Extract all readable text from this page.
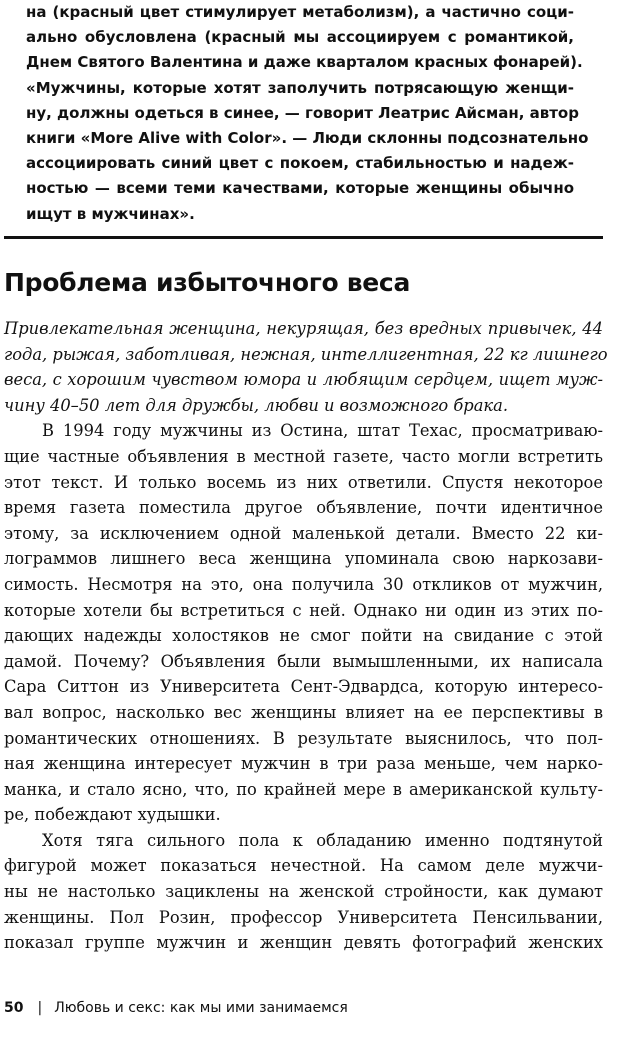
на (красный цвет стимулирует метаболизм), а частично соци-
ально обусловлена (красный мы ассоциируем с романтикой,
Днем Святого Валентина и даже кварталом красных фонарей).
«Мужчины, которые хотят заполучить потрясающую женщи-
ну, должны одеться в синее, — говорит Леатрис Айсман, автор
книги «More Alive with Color». — Люди склонны подсознательно
ассоциировать синий цвет с покоем, стабильностью и надеж-
ностью — всеми теми качествами, которые женщины обычно
ищут в мужчинах».
Проблема избыточного веса
Привлекательная женщина, некурящая, без вредных привычек, 44
года, рыжая, заботливая, нежная, интеллигентная, 22 кг лишнего
веса, с хорошим чувством юмора и любящим сердцем, ищет муж-
чину 40–50 лет для дружбы, любви и возможного брака.
В 1994 году мужчины из Остина, штат Техас, просматриваю-
щие частные объявления в местной газете, часто могли встретить
этот текст. И только восемь из них ответили. Спустя некоторое
время газета поместила другое объявление, почти идентичное
этому, за исключением одной маленькой детали. Вместо 22 ки-
лограммов лишнего веса женщина упоминала свою наркозави-
симость. Несмотря на это, она получила 30 откликов от мужчин,
которые хотели бы встретиться с ней. Однако ни один из этих по-
дающих надежды холостяков не смог пойти на свидание с этой
дамой. Почему? Объявления были вымышленными, их написала
Сара Ситтон из Университета Сент-Эдвардса, которую интересо-
вал вопрос, насколько вес женщины влияет на ее перспективы в
романтических отношениях. В результате выяснилось, что пол-
ная женщина интересует мужчин в три раза меньше, чем нарко-
манка, и стало ясно, что, по крайней мере в американской культу-
ре, побеждают худышки.
Хотя тяга сильного пола к обладанию именно подтянутой
фигурой может показаться нечестной. На самом деле мужчи-
ны не настолько зациклены на женской стройности, как думают
женщины. Пол Розин, профессор Университета Пенсильвании,
показал группе мужчин и женщин девять фотографий женских
50 | Любовь и секс: как мы ими занимаемся
